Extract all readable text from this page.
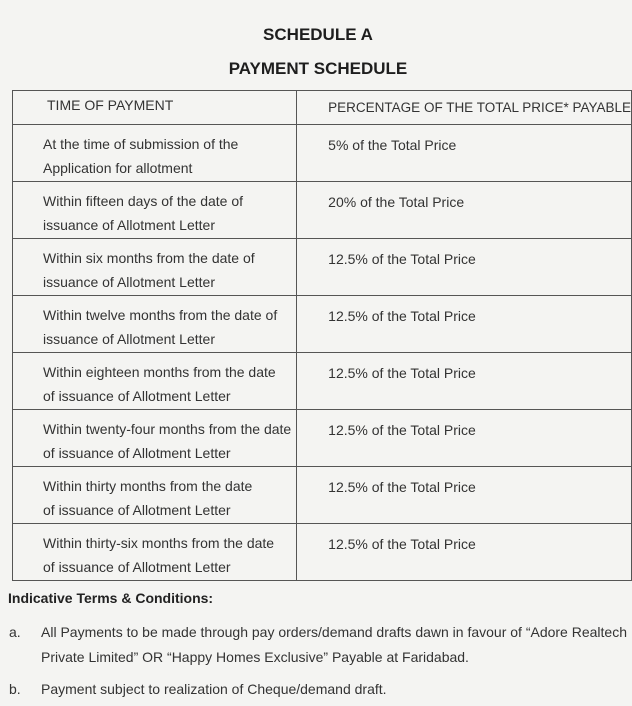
SCHEDULE A
PAYMENT SCHEDULE
TIME OF PAYMENT	PERCENTAGE OF THE TOTAL PRICE* PAYABLE

At the time of submission of the
Application for allotment	5% of the Total Price

Within fifteen days of the date of
issuance of Allotment Letter	20% of the Total Price

Within six months from the date of
issuance of Allotment Letter	12.5% of the Total Price

Within twelve months from the date of
issuance of Allotment Letter	12.5% of the Total Price

Within eighteen months from the date
of issuance of Allotment Letter	12.5% of the Total Price

Within twenty-four months from the date
of issuance of Allotment Letter	12.5% of the Total Price

Within thirty months from the date
of issuance of Allotment Letter	12.5% of the Total Price

Within thirty-six months from the date
of issuance of Allotment Letter	12.5% of the Total Price
Indicative Terms & Conditions:
a. All Payments to be made through pay orders/demand drafts dawn in favour of “Adore Realtech
Private Limited” OR “Happy Homes Exclusive” Payable at Faridabad.
b. Payment subject to realization of Cheque/demand draft.
